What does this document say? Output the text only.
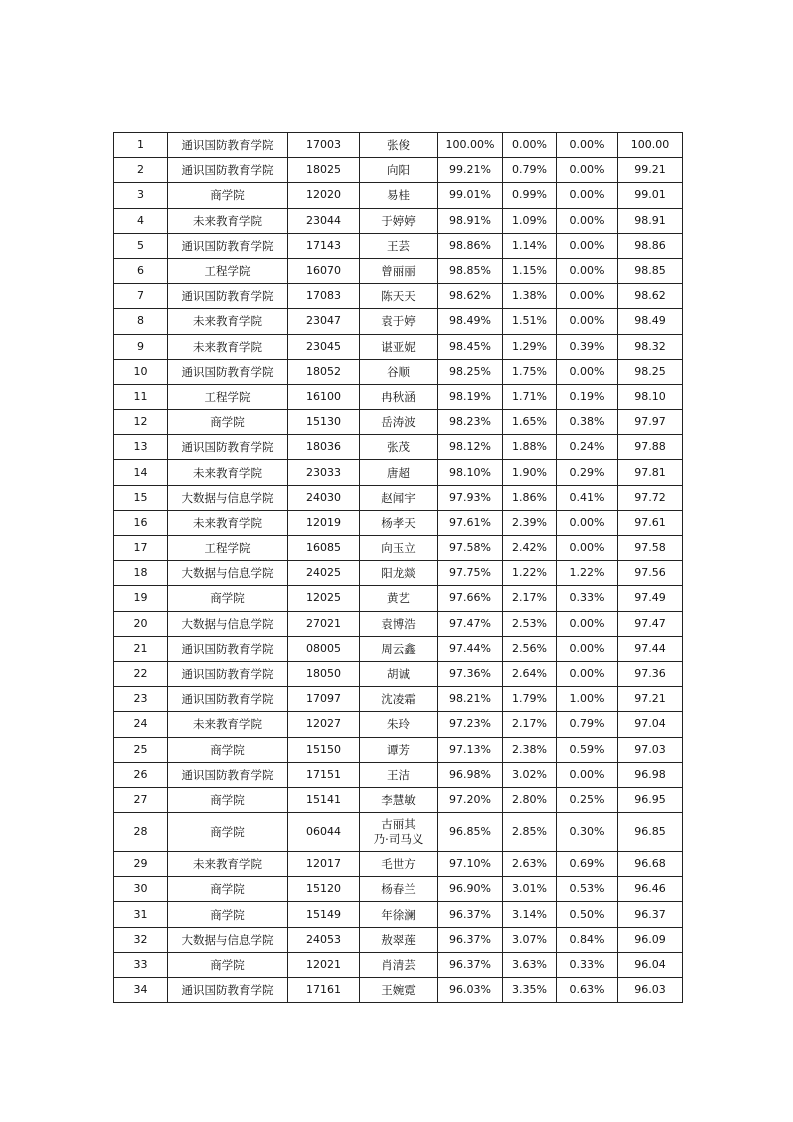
1	通识国防教育学院	17003	张俊	100.00%	0.00%	0.00%	100.00
2	通识国防教育学院	18025	向阳	99.21%	0.79%	0.00%	99.21
3	商学院	12020	易桂	99.01%	0.99%	0.00%	99.01
4	未来教育学院	23044	于婷婷	98.91%	1.09%	0.00%	98.91
5	通识国防教育学院	17143	王芸	98.86%	1.14%	0.00%	98.86
6	工程学院	16070	曾丽丽	98.85%	1.15%	0.00%	98.85
7	通识国防教育学院	17083	陈天天	98.62%	1.38%	0.00%	98.62
8	未来教育学院	23047	袁于婷	98.49%	1.51%	0.00%	98.49
9	未来教育学院	23045	谌亚妮	98.45%	1.29%	0.39%	98.32
10	通识国防教育学院	18052	谷顺	98.25%	1.75%	0.00%	98.25
11	工程学院	16100	冉秋涵	98.19%	1.71%	0.19%	98.10
12	商学院	15130	岳涛波	98.23%	1.65%	0.38%	97.97
13	通识国防教育学院	18036	张茂	98.12%	1.88%	0.24%	97.88
14	未来教育学院	23033	唐超	98.10%	1.90%	0.29%	97.81
15	大数据与信息学院	24030	赵闻宇	97.93%	1.86%	0.41%	97.72
16	未来教育学院	12019	杨孝天	97.61%	2.39%	0.00%	97.61
17	工程学院	16085	向玉立	97.58%	2.42%	0.00%	97.58
18	大数据与信息学院	24025	阳龙燚	97.75%	1.22%	1.22%	97.56
19	商学院	12025	黄艺	97.66%	2.17%	0.33%	97.49
20	大数据与信息学院	27021	袁博浩	97.47%	2.53%	0.00%	97.47
21	通识国防教育学院	08005	周云鑫	97.44%	2.56%	0.00%	97.44
22	通识国防教育学院	18050	胡诚	97.36%	2.64%	0.00%	97.36
23	通识国防教育学院	17097	沈凌霜	98.21%	1.79%	1.00%	97.21
24	未来教育学院	12027	朱玲	97.23%	2.17%	0.79%	97.04
25	商学院	15150	谭芳	97.13%	2.38%	0.59%	97.03
26	通识国防教育学院	17151	王洁	96.98%	3.02%	0.00%	96.98
27	商学院	15141	李慧敏	97.20%	2.80%	0.25%	96.95
28	商学院	06044	古丽其
乃·司马义	96.85%	2.85%	0.30%	96.85
29	未来教育学院	12017	毛世方	97.10%	2.63%	0.69%	96.68
30	商学院	15120	杨春兰	96.90%	3.01%	0.53%	96.46
31	商学院	15149	年徐澜	96.37%	3.14%	0.50%	96.37
32	大数据与信息学院	24053	敖翠莲	96.37%	3.07%	0.84%	96.09
33	商学院	12021	肖清芸	96.37%	3.63%	0.33%	96.04
34	通识国防教育学院	17161	王婉霓	96.03%	3.35%	0.63%	96.03
